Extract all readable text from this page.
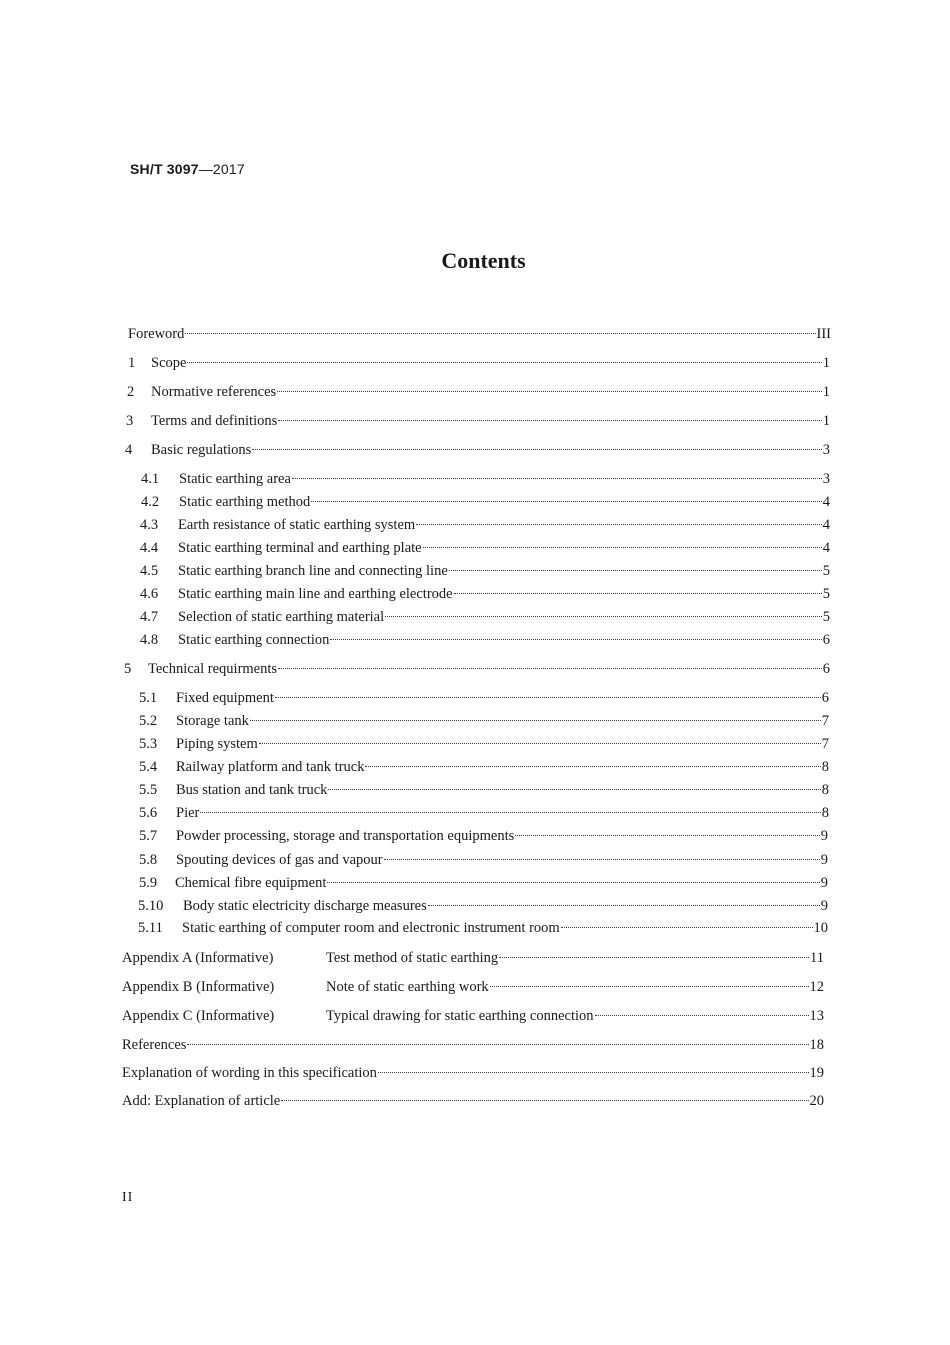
SH/T 3097—2017
Contents
Foreword	III
1	Scope	1
2	Normative references	1
3	Terms and definitions	1
4	Basic regulations	3
4.1	Static earthing area	3
4.2	Static earthing method	4
4.3	Earth resistance of static earthing system	4
4.4	Static earthing terminal and earthing plate	4
4.5	Static earthing branch line and connecting line	5
4.6	Static earthing main line and earthing electrode	5
4.7	Selection of static earthing material	5
4.8	Static earthing connection	6
5	Technical requirments	6
5.1	Fixed equipment	6
5.2	Storage tank	7
5.3	Piping system	7
5.4	Railway platform and tank truck	8
5.5	Bus station and tank truck	8
5.6	Pier	8
5.7	Powder processing, storage and transportation equipments	9
5.8	Spouting devices of gas and vapour	9
5.9	Chemical fibre equipment	9
5.10	Body static electricity discharge measures	9
5.11	Static earthing of computer room and electronic instrument room	10
Appendix A (Informative)	Test method of static earthing	11
Appendix B (Informative)	Note of static earthing work	12
Appendix C (Informative)	Typical drawing for static earthing connection	13
References	18
Explanation of wording in this specification	19
Add: Explanation of article	20
II
